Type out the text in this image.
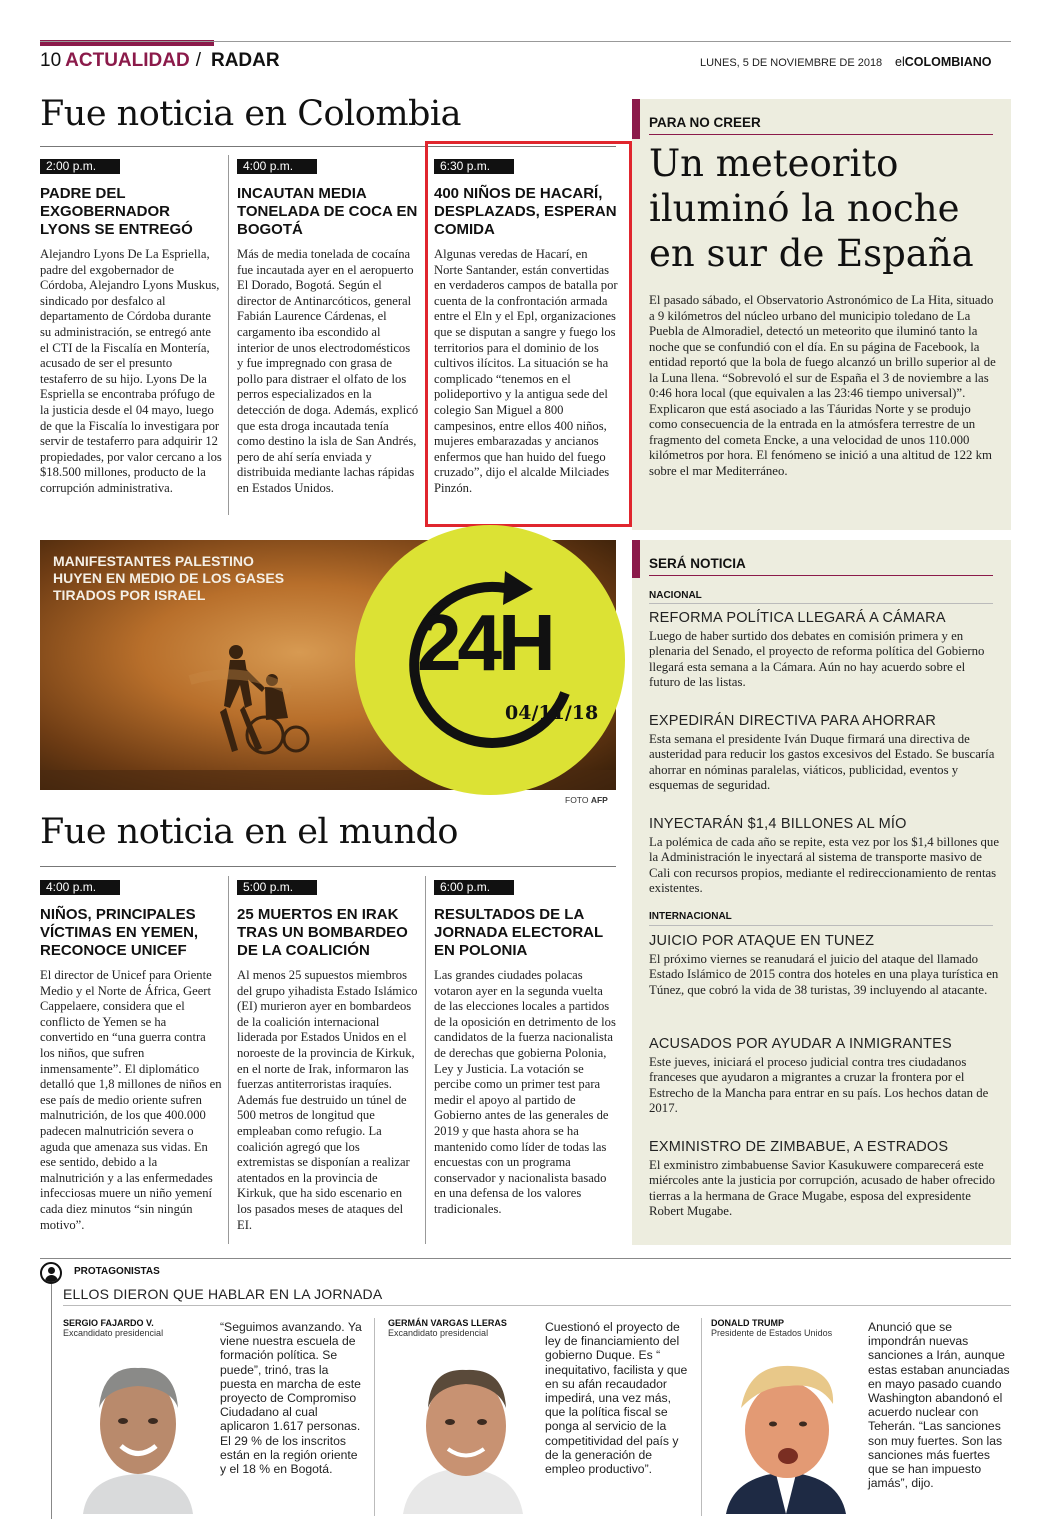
10 ACTUALIDAD / RADAR	LUNES, 5 DE NOVIEMBRE DE 2018 elCOLOMBIANO
Fue noticia en Colombia
2:00 p.m.
PADRE DEL EXGOBERNADOR LYONS SE ENTREGÓ
Alejandro Lyons De La Espriella, padre del exgobernador de Córdoba, Alejandro Lyons Muskus, sindicado por desfalco al departamento de Córdoba durante su administración, se entregó ante el CTI de la Fiscalía en Montería, acusado de ser el presunto testaferro de su hijo. Lyons De la Espriella se encontraba prófugo de la justicia desde el 04 mayo, luego de que la Fiscalía lo investigara por servir de testaferro para adquirir 12 propiedades, por valor cercano a los $18.500 millones, producto de la corrupción administrativa.
4:00 p.m.
INCAUTAN MEDIA TONELADA DE COCA EN BOGOTÁ
Más de media tonelada de cocaína fue incautada ayer en el aeropuerto El Dorado, Bogotá. Según el director de Antinarcóticos, general Fabián Laurence Cárdenas, el cargamento iba escondido al interior de unos electrodomésticos y fue impregnado con grasa de pollo para distraer el olfato de los perros especializados en la detección de doga. Además, explicó que esta droga incautada tenía como destino la isla de San Andrés, pero de ahí sería enviada y distribuida mediante lachas rápidas en Estados Unidos.
6:30 p.m.
400 NIÑOS DE HACARÍ, DESPLAZADS, ESPERAN COMIDA
Algunas veredas de Hacarí, en Norte Santander, están convertidas en verdaderos campos de batalla por cuenta de la confrontación armada entre el Eln y el Epl, organizaciones que se disputan a sangre y fuego los territorios para el dominio de los cultivos ilícitos. La situación se ha complicado “tenemos en el polideportivo y la antigua sede del colegio San Miguel a 800 campesinos, entre ellos 400 niños, mujeres embarazadas y ancianos enfermos que han huido del fuego cruzado”, dijo el alcalde Milciades Pinzón.
PARA NO CREER
Un meteorito iluminó la noche en sur de España
El pasado sábado, el Observatorio Astronómico de La Hita, situado a 9 kilómetros del núcleo urbano del municipio toledano de La Puebla de Almoradiel, detectó un meteorito que iluminó tanto la noche que se confundió con el día. En su página de Facebook, la entidad reportó que la bola de fuego alcanzó un brillo superior al de la Luna llena. “Sobrevoló el sur de España el 3 de noviembre a las 0:46 hora local (que equivalen a las 23:46 tiempo universal)”. Explicaron que está asociado a las Táuridas Norte y se produjo como consecuencia de la entrada en la atmósfera terrestre de un fragmento del cometa Encke, a una velocidad de unos 110.000 kilómetros por hora. El fenómeno se inició a una altitud de 122 km sobre el mar Mediterráneo.
MANIFESTANTES PALESTINO HUYEN EN MEDIO DE LOS GASES TIRADOS POR ISRAEL
24H
04/11/18
FOTO AFP
Fue noticia en el mundo
4:00 p.m.
NIÑOS, PRINCIPALES VÍCTIMAS EN YEMEN, RECONOCE UNICEF
El director de Unicef para Oriente Medio y el Norte de África, Geert Cappelaere, considera que el conflicto de Yemen se ha convertido en “una guerra contra los niños, que sufren inmensamente”. El diplomático detalló que 1,8 millones de niños en ese país de medio oriente sufren malnutrición, de los que 400.000 padecen malnutrición severa o aguda que amenaza sus vidas. En ese sentido, debido a la malnutrición y a las enfermedades infecciosas muere un niño yemení cada diez minutos “sin ningún motivo”.
5:00 p.m.
25 MUERTOS EN IRAK TRAS UN BOMBARDEO DE LA COALICIÓN
Al menos 25 supuestos miembros del grupo yihadista Estado Islámico (EI) murieron ayer en bombardeos de la coalición internacional liderada por Estados Unidos en el noroeste de la provincia de Kirkuk, en el norte de Irak, informaron las fuerzas antiterroristas iraquíes. Además fue destruido un túnel de 500 metros de longitud que empleaban como refugio. La coalición agregó que los extremistas se disponían a realizar atentados en la provincia de Kirkuk, que ha sido escenario en los pasados meses de ataques del EI.
6:00 p.m.
RESULTADOS DE LA JORNADA ELECTORAL EN POLONIA
Las grandes ciudades polacas votaron ayer en la segunda vuelta de las elecciones locales a partidos de la oposición en detrimento de los candidatos de la fuerza nacionalista de derechas que gobierna Polonia, Ley y Justicia. La votación se percibe como un primer test para medir el apoyo al partido de Gobierno antes de las generales de 2019 y que hasta ahora se ha mantenido como líder de todas las encuestas con un programa conservador y nacionalista basado en una defensa de los valores tradicionales.
SERÁ NOTICIA
NACIONAL
REFORMA POLÍTICA LLEGARÁ A CÁMARA
Luego de haber surtido dos debates en comisión primera y en plenaria del Senado, el proyecto de reforma política del Gobierno llegará esta semana a la Cámara. Aún no hay acuerdo sobre el futuro de las listas.
EXPEDIRÁN DIRECTIVA PARA AHORRAR
Esta semana el presidente Iván Duque firmará una directiva de austeridad para reducir los gastos excesivos del Estado. Se buscaría ahorrar en nóminas paralelas, viáticos, publicidad, eventos y esquemas de seguridad.
INYECTARÁN $1,4 BILLONES AL MÍO
La polémica de cada año se repite, esta vez por los $1,4 billones que la Administración le inyectará al sistema de transporte masivo de Cali con recursos propios, mediante el redireccionamiento de rentas existentes.
INTERNACIONAL
JUICIO POR ATAQUE EN TUNEZ
El próximo viernes se reanudará el juicio del ataque del llamado Estado Islámico de 2015 contra dos hoteles en una playa turística en Túnez, que cobró la vida de 38 turistas, 39 incluyendo al atacante.
ACUSADOS POR AYUDAR A INMIGRANTES
Este jueves, iniciará el proceso judicial contra tres ciudadanos franceses que ayudaron a migrantes a cruzar la frontera por el Estrecho de la Mancha para entrar en su país. Los hechos datan de 2017.
EXMINISTRO DE ZIMBABUE, A ESTRADOS
El exministro zimbabuense Savior Kasukuwere comparecerá este miércoles ante la justicia por corrupción, acusado de haber ofrecido tierras a la hermana de Grace Mugabe, esposa del expresidente Robert Mugabe.
PROTAGONISTAS
ELLOS DIERON QUE HABLAR EN LA JORNADA
SERGIO FAJARDO V.
Excandidato presidencial	“Seguimos avanzando. Ya viene nuestra escuela de formación política. Se puede”, trinó, tras la puesta en marcha de este proyecto de Compromiso Ciudadano al cual aplicaron 1.617 personas. El 29 % de los inscritos están en la región oriente y el 18 % en Bogotá.
GERMÁN VARGAS LLERAS
Excandidato presidencial	Cuestionó el proyecto de ley de financiamiento del gobierno Duque. Es “ inequitativo, facilista y que en su afán recaudador impedirá, una vez más, que la política fiscal se ponga al servicio de la competitividad del país y de la generación de empleo productivo”.
DONALD TRUMP
Presidente de Estados Unidos	Anunció que se impondrán nuevas sanciones a Irán, aunque estas estaban anunciadas en mayo pasado cuando Washington abandonó el acuerdo nuclear con Teherán. “Las sanciones son muy fuertes. Son las sanciones más fuertes que se han impuesto jamás”, dijo.
